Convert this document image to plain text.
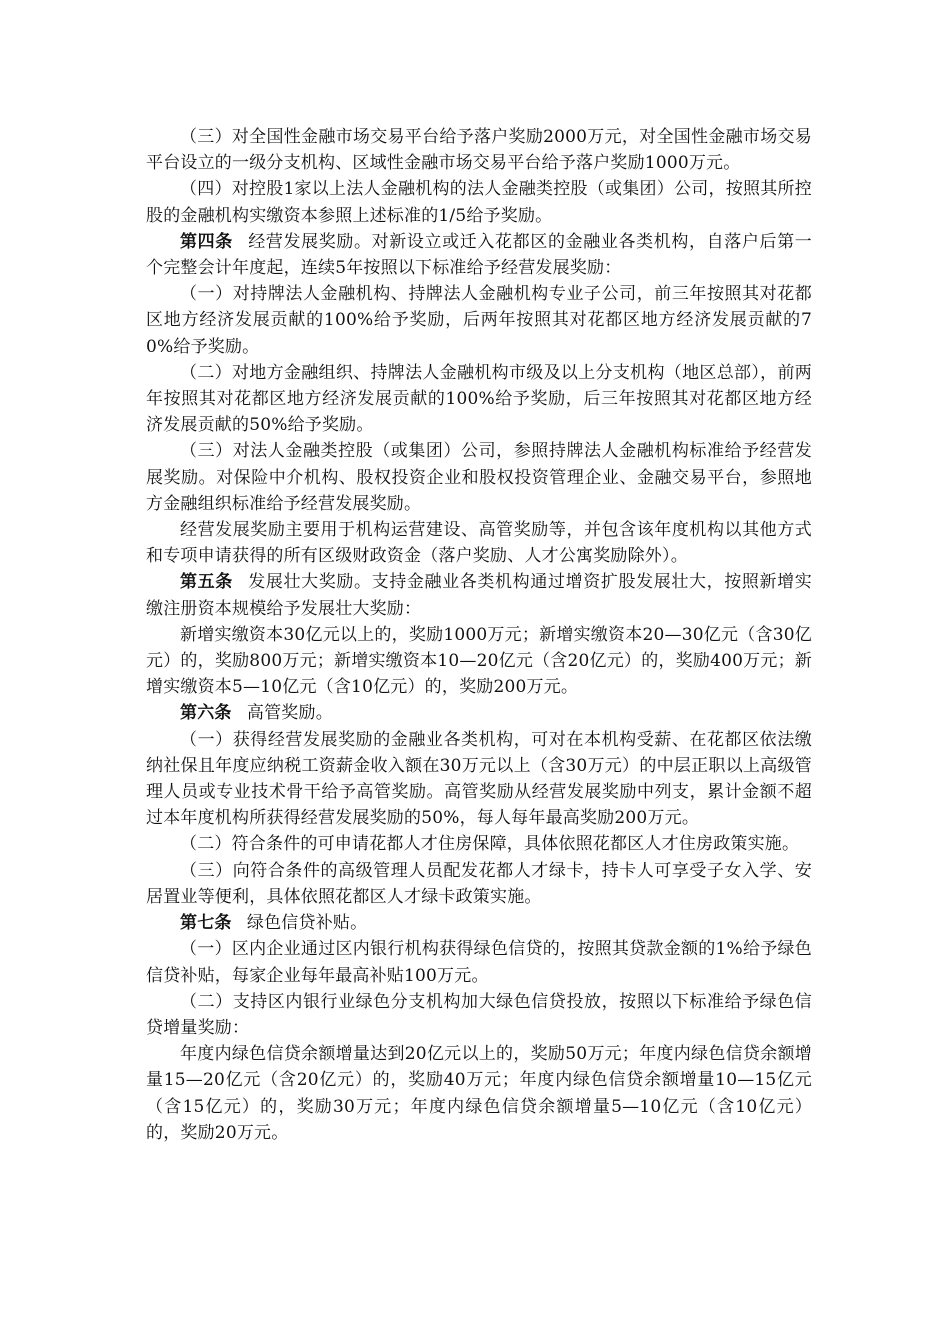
（三）对全国性金融市场交易平台给予落户奖励2000万元，对全国性金融市场交易平台设立的一级分支机构、区域性金融市场交易平台给予落户奖励1000万元。

（四）对控股1家以上法人金融机构的法人金融类控股（或集团）公司，按照其所控股的金融机构实缴资本参照上述标准的1/5给予奖励。

第四条 经营发展奖励。对新设立或迁入花都区的金融业各类机构，自落户后第一个完整会计年度起，连续5年按照以下标准给予经营发展奖励：

（一）对持牌法人金融机构、持牌法人金融机构专业子公司，前三年按照其对花都区地方经济发展贡献的100%给予奖励，后两年按照其对花都区地方经济发展贡献的70%给予奖励。

（二）对地方金融组织、持牌法人金融机构市级及以上分支机构（地区总部），前两年按照其对花都区地方经济发展贡献的100%给予奖励，后三年按照其对花都区地方经济发展贡献的50%给予奖励。

（三）对法人金融类控股（或集团）公司，参照持牌法人金融机构标准给予经营发展奖励。对保险中介机构、股权投资企业和股权投资管理企业、金融交易平台，参照地方金融组织标准给予经营发展奖励。

经营发展奖励主要用于机构运营建设、高管奖励等，并包含该年度机构以其他方式和专项申请获得的所有区级财政资金（落户奖励、人才公寓奖励除外）。

第五条 发展壮大奖励。支持金融业各类机构通过增资扩股发展壮大，按照新增实缴注册资本规模给予发展壮大奖励：

新增实缴资本30亿元以上的，奖励1000万元；新增实缴资本20—30亿元（含30亿元）的，奖励800万元；新增实缴资本10—20亿元（含20亿元）的，奖励400万元；新增实缴资本5—10亿元（含10亿元）的，奖励200万元。

第六条 高管奖励。

（一）获得经营发展奖励的金融业各类机构，可对在本机构受薪、在花都区依法缴纳社保且年度应纳税工资薪金收入额在30万元以上（含30万元）的中层正职以上高级管理人员或专业技术骨干给予高管奖励。高管奖励从经营发展奖励中列支，累计金额不超过本年度机构所获得经营发展奖励的50%，每人每年最高奖励200万元。

（二）符合条件的可申请花都人才住房保障，具体依照花都区人才住房政策实施。

（三）向符合条件的高级管理人员配发花都人才绿卡，持卡人可享受子女入学、安居置业等便利，具体依照花都区人才绿卡政策实施。

第七条 绿色信贷补贴。

（一）区内企业通过区内银行机构获得绿色信贷的，按照其贷款金额的1%给予绿色信贷补贴，每家企业每年最高补贴100万元。

（二）支持区内银行业绿色分支机构加大绿色信贷投放，按照以下标准给予绿色信贷增量奖励：

年度内绿色信贷余额增量达到20亿元以上的，奖励50万元；年度内绿色信贷余额增量15—20亿元（含20亿元）的，奖励40万元；年度内绿色信贷余额增量10—15亿元（含15亿元）的，奖励30万元；年度内绿色信贷余额增量5—10亿元（含10亿元）的，奖励20万元。
